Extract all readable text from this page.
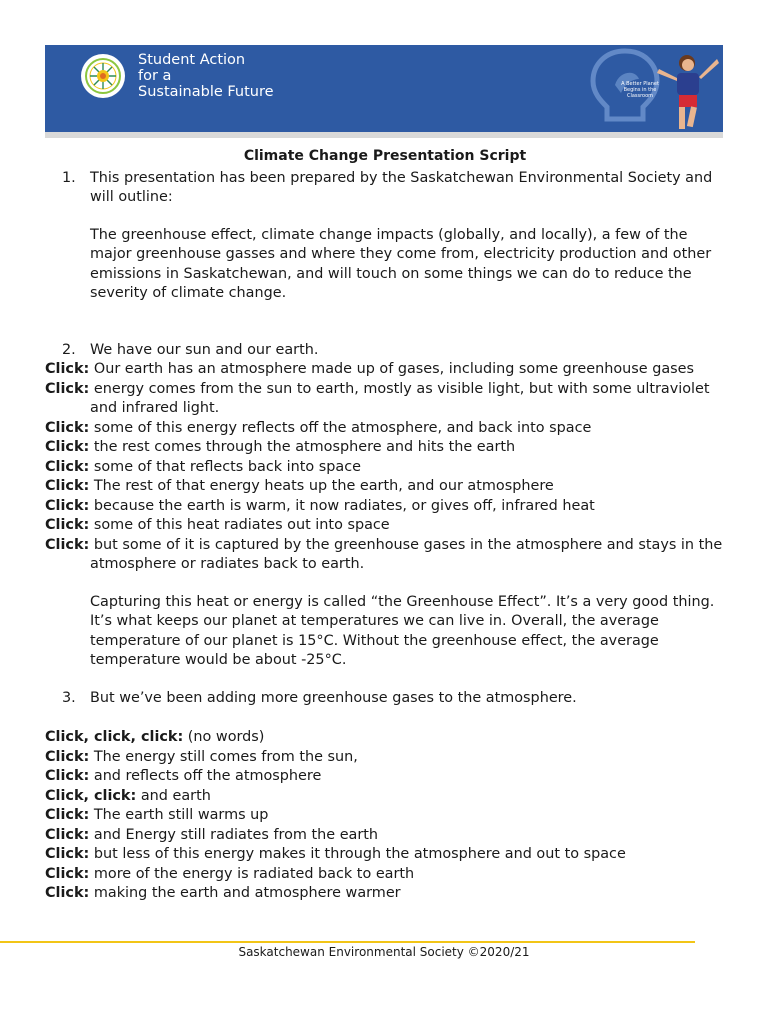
Student Action
for a
Sustainable Future	A Better Planet Begins in the Classroom
Climate Change Presentation Script
1. This presentation has been prepared by the Saskatchewan Environmental Society and will outline:
The greenhouse effect, climate change impacts (globally, and locally), a few of the major greenhouse gasses and where they come from, electricity production and other emissions in Saskatchewan, and will touch on some things we can do to reduce the severity of climate change.
2. We have our sun and our earth.
Click: Our earth has an atmosphere made up of gases, including some greenhouse gases
Click: energy comes from the sun to earth, mostly as visible light, but with some ultraviolet and infrared light.
Click: some of this energy reflects off the atmosphere, and back into space
Click: the rest comes through the atmosphere and hits the earth
Click: some of that reflects back into space
Click: The rest of that energy heats up the earth, and our atmosphere
Click: because the earth is warm, it now radiates, or gives off, infrared heat
Click: some of this heat radiates out into space
Click: but some of it is captured by the greenhouse gases in the atmosphere and stays in the atmosphere or radiates back to earth.
Capturing this heat or energy is called “the Greenhouse Effect”. It’s a very good thing. It’s what keeps our planet at temperatures we can live in. Overall, the average temperature of our planet is 15°C. Without the greenhouse effect, the average temperature would be about -25°C.
3. But we’ve been adding more greenhouse gases to the atmosphere.
Click, click, click: (no words)
Click: The energy still comes from the sun,
Click: and reflects off the atmosphere
Click, click: and earth
Click: The earth still warms up
Click: and Energy still radiates from the earth
Click: but less of this energy makes it through the atmosphere and out to space
Click: more of the energy is radiated back to earth
Click: making the earth and atmosphere warmer
Saskatchewan Environmental Society ©2020/21
